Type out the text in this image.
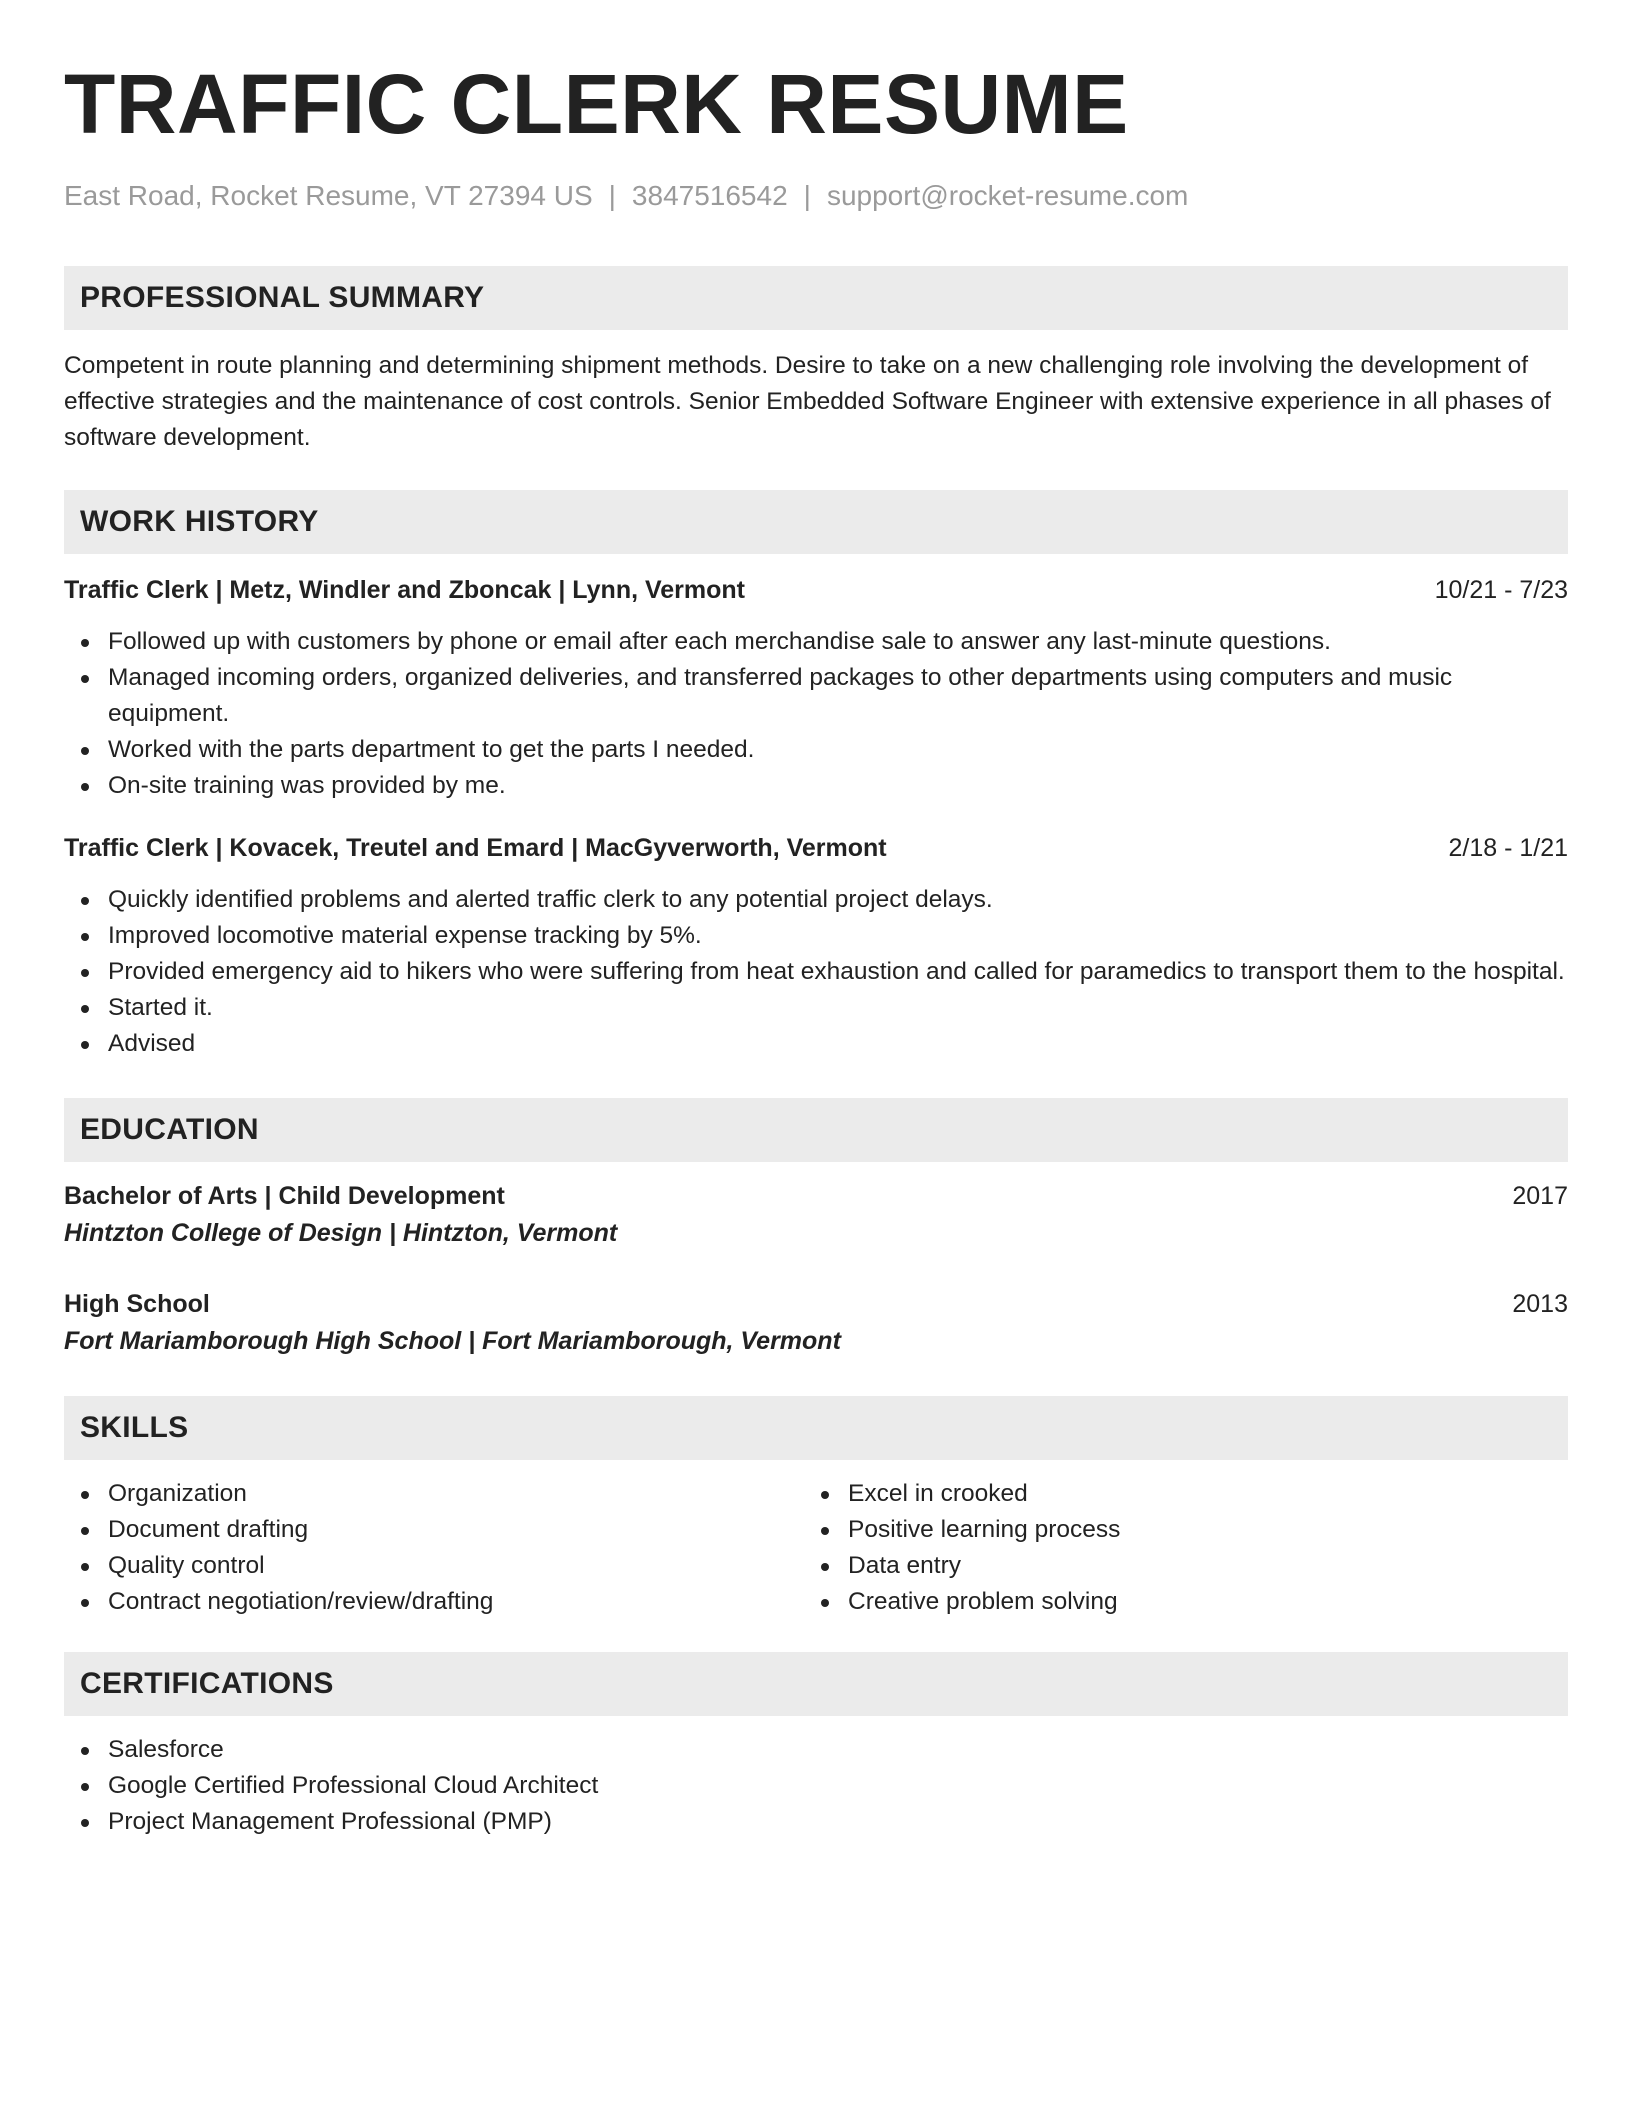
TRAFFIC CLERK RESUME
East Road, Rocket Resume, VT 27394 US | 3847516542 | support@rocket-resume.com
PROFESSIONAL SUMMARY
Competent in route planning and determining shipment methods. Desire to take on a new challenging role involving the development of effective strategies and the maintenance of cost controls. Senior Embedded Software Engineer with extensive experience in all phases of software development.
WORK HISTORY
Traffic Clerk | Metz, Windler and Zboncak | Lynn, Vermont	10/21 - 7/23
Followed up with customers by phone or email after each merchandise sale to answer any last-minute questions.
Managed incoming orders, organized deliveries, and transferred packages to other departments using computers and music equipment.
Worked with the parts department to get the parts I needed.
On-site training was provided by me.
Traffic Clerk | Kovacek, Treutel and Emard | MacGyverworth, Vermont	2/18 - 1/21
Quickly identified problems and alerted traffic clerk to any potential project delays.
Improved locomotive material expense tracking by 5%.
Provided emergency aid to hikers who were suffering from heat exhaustion and called for paramedics to transport them to the hospital.
Started it.
Advised
EDUCATION
Bachelor of Arts | Child Development	2017
Hintzton College of Design | Hintzton, Vermont
High School	2013
Fort Mariamborough High School | Fort Mariamborough, Vermont
SKILLS
Organization
Document drafting
Quality control
Contract negotiation/review/drafting
Excel in crooked
Positive learning process
Data entry
Creative problem solving
CERTIFICATIONS
Salesforce
Google Certified Professional Cloud Architect
Project Management Professional (PMP)
